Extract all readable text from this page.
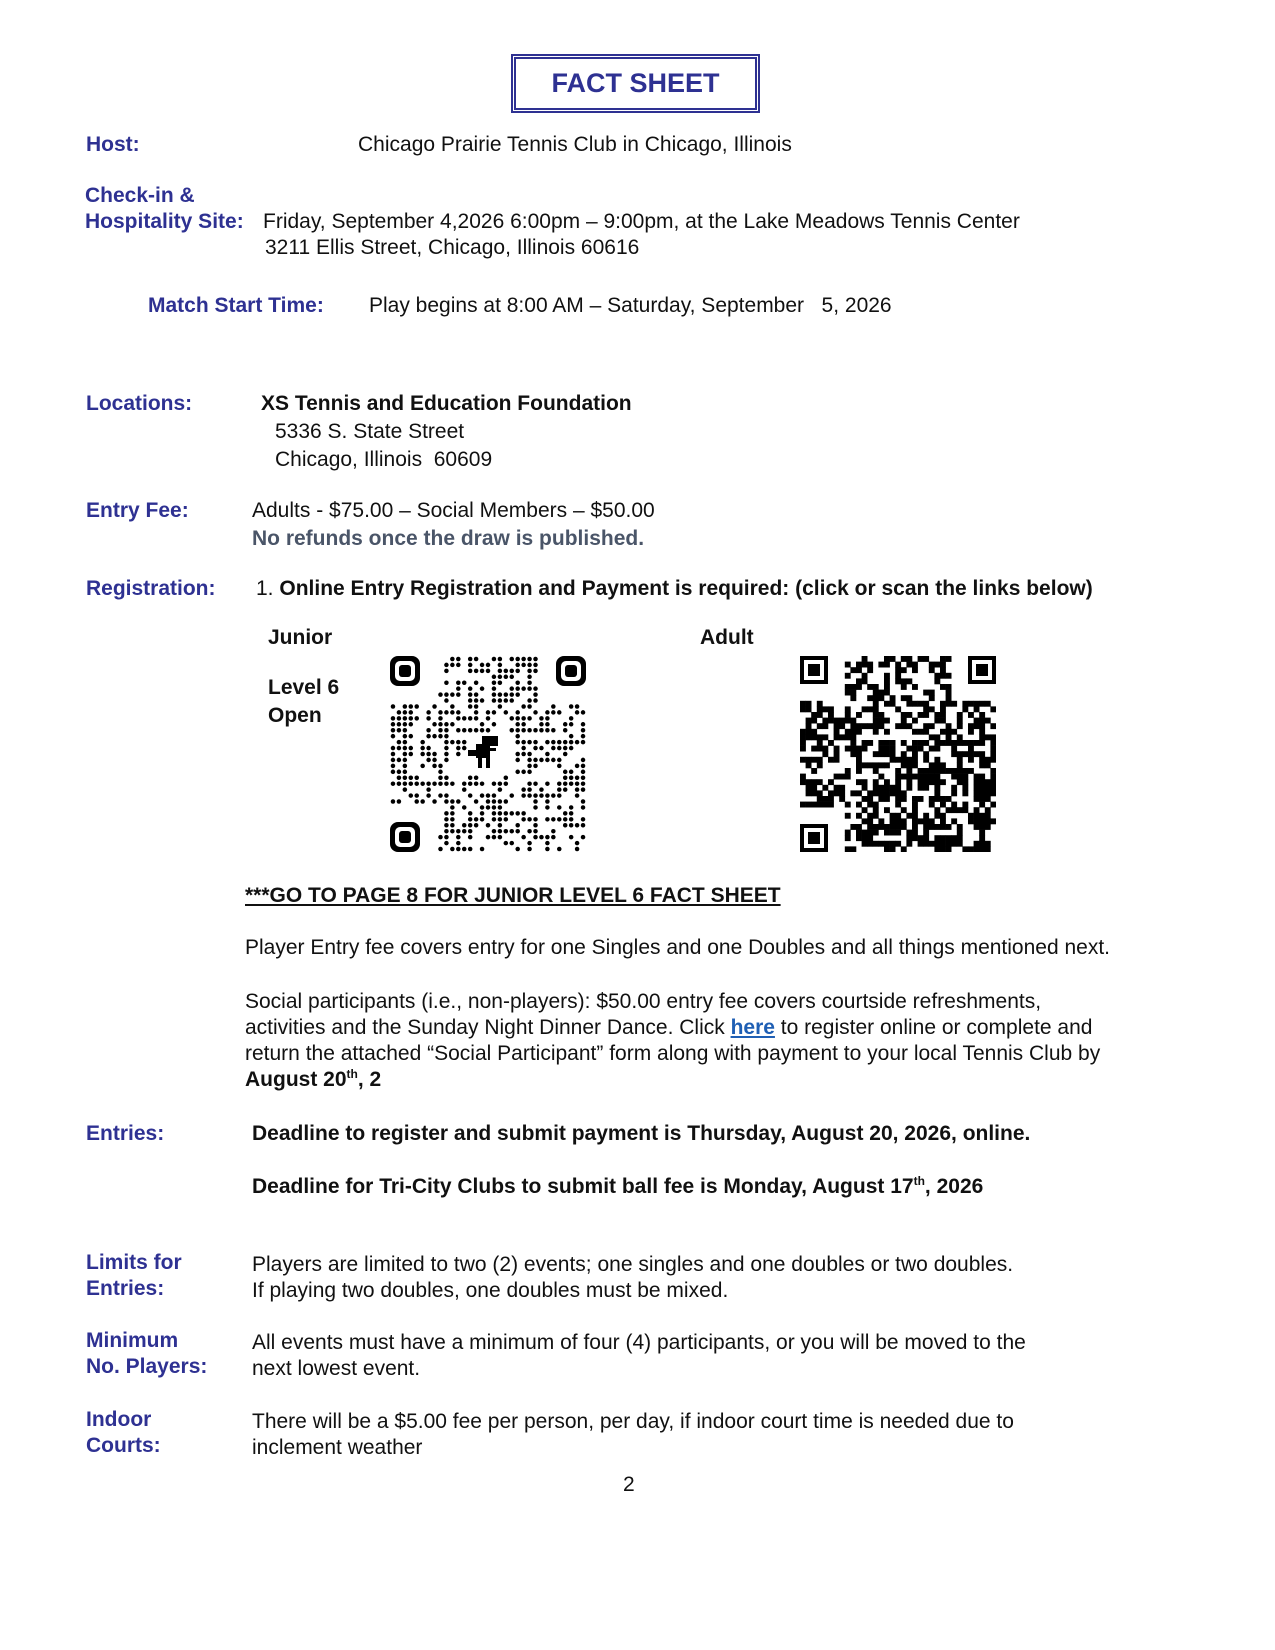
FACT SHEET
Host:	Chicago Prairie Tennis Club in Chicago, Illinois
Check-in &
Hospitality Site: Friday, September 4,2026 6:00pm – 9:00pm, at the Lake Meadows Tennis Center
3211 Ellis Street, Chicago, Illinois 60616
Match Start Time: Play begins at 8:00 AM – Saturday, September   5, 2026
Locations:	XS Tennis and Education Foundation
5336 S. State Street
Chicago, Illinois  60609
Entry Fee:	Adults - $75.00 – Social Members – $50.00
No refunds once the draw is published.
Registration: 1. Online Entry Registration and Payment is required: (click or scan the links below)
Junior
Level 6
Open
Adult
***GO TO PAGE 8 FOR JUNIOR LEVEL 6 FACT SHEET
Player Entry fee covers entry for one Singles and one Doubles and all things mentioned next.
Social participants (i.e., non-players): $50.00 entry fee covers courtside refreshments,
activities and the Sunday Night Dinner Dance. Click here to register online or complete and
return the attached “Social Participant” form along with payment to your local Tennis Club by
August 20th, 2
Entries:	Deadline to register and submit payment is Thursday, August 20, 2026, online.
Deadline for Tri-City Clubs to submit ball fee is Monday, August 17th, 2026
Limits for
Entries:
Players are limited to two (2) events; one singles and one doubles or two doubles.
If playing two doubles, one doubles must be mixed.
Minimum
No. Players:
All events must have a minimum of four (4) participants, or you will be moved to the
next lowest event.
Indoor
Courts:
There will be a $5.00 fee per person, per day, if indoor court time is needed due to
inclement weather
2
